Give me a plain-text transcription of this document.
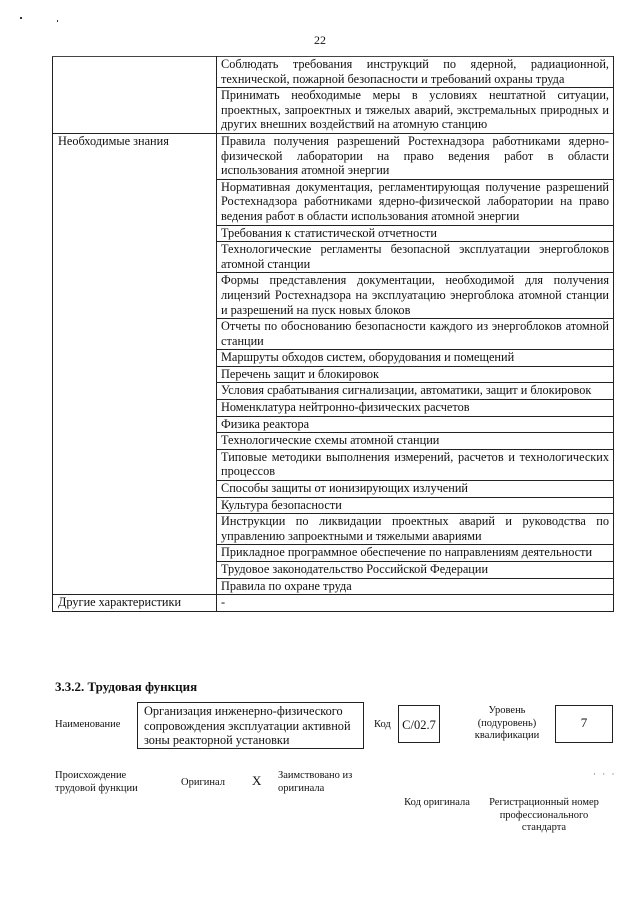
22
	Соблюдать требования инструкций по ядерной, радиационной, технической, пожарной безопасности и требований охраны труда
	Принимать необходимые меры в условиях нештатной ситуации, проектных, запроектных и тяжелых аварий, экстремальных природных и других внешних воздействий на атомную станцию
Необходимые знания	Правила получения разрешений Ростехнадзора работниками ядерно-физической лаборатории на право ведения работ в области использования атомной энергии
	Нормативная документация, регламентирующая получение разрешений Ростехнадзора работниками ядерно-физической лаборатории на право ведения работ в области использования атомной энергии
	Требования к статистической отчетности
	Технологические регламенты безопасной эксплуатации энергоблоков атомной станции
	Формы представления документации, необходимой для получения лицензий Ростехнадзора на эксплуатацию энергоблока атомной станции и разрешений на пуск новых блоков
	Отчеты по обоснованию безопасности каждого из энергоблоков атомной станции
	Маршруты обходов систем, оборудования и помещений
	Перечень защит и блокировок
	Условия срабатывания сигнализации, автоматики, защит и блокировок
	Номенклатура нейтронно-физических расчетов
	Физика реактора
	Технологические схемы атомной станции
	Типовые методики выполнения измерений, расчетов и технологических процессов
	Способы защиты от ионизирующих излучений
	Культура безопасности
	Инструкции по ликвидации проектных аварий и руководства по управлению запроектными и тяжелыми авариями
	Прикладное программное обеспечение по направлениям деятельности
	Трудовое законодательство Российской Федерации
	Правила по охране труда
Другие характеристики	-
3.3.2. Трудовая функция
Наименование
Организация инженерно-физического сопровождения эксплуатации активной зоны реакторной установки
Код C/02.7
Уровень (подуровень) квалификации
7
Происхождение трудовой функции	Оригинал X Заимствовано из оригинала
· · ·
Код оригинала	Регистрационный номер профессионального стандарта
